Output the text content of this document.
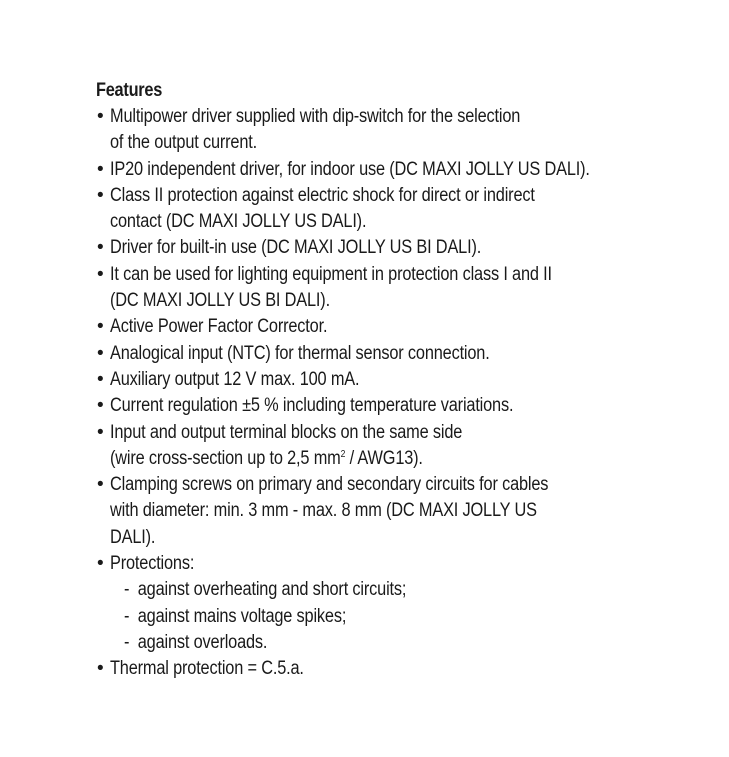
Features
• Multipower driver supplied with dip-switch for the selection
of the output current.
• IP20 independent driver, for indoor use (DC MAXI JOLLY US DALI).
• Class II protection against electric shock for direct or indirect
contact (DC MAXI JOLLY US DALI).
• Driver for built-in use (DC MAXI JOLLY US BI DALI).
• It can be used for lighting equipment in protection class I and II
(DC MAXI JOLLY US BI DALI).
• Active Power Factor Corrector.
• Analogical input (NTC) for thermal sensor connection.
• Auxiliary output 12 V max. 100 mA.
• Current regulation ±5 % including temperature variations.
• Input and output terminal blocks on the same side
(wire cross-section up to 2,5 $mm^2 / AWG13$).
• Clamping screws on primary and secondary circuits for cables
with diameter: min. 3 mm - max. 8 mm (DC MAXI JOLLY US
DALI).
• Protections:
- against overheating and short circuits;
- against mains voltage spikes;
- against overloads.
• Thermal protection = C.5.a.
